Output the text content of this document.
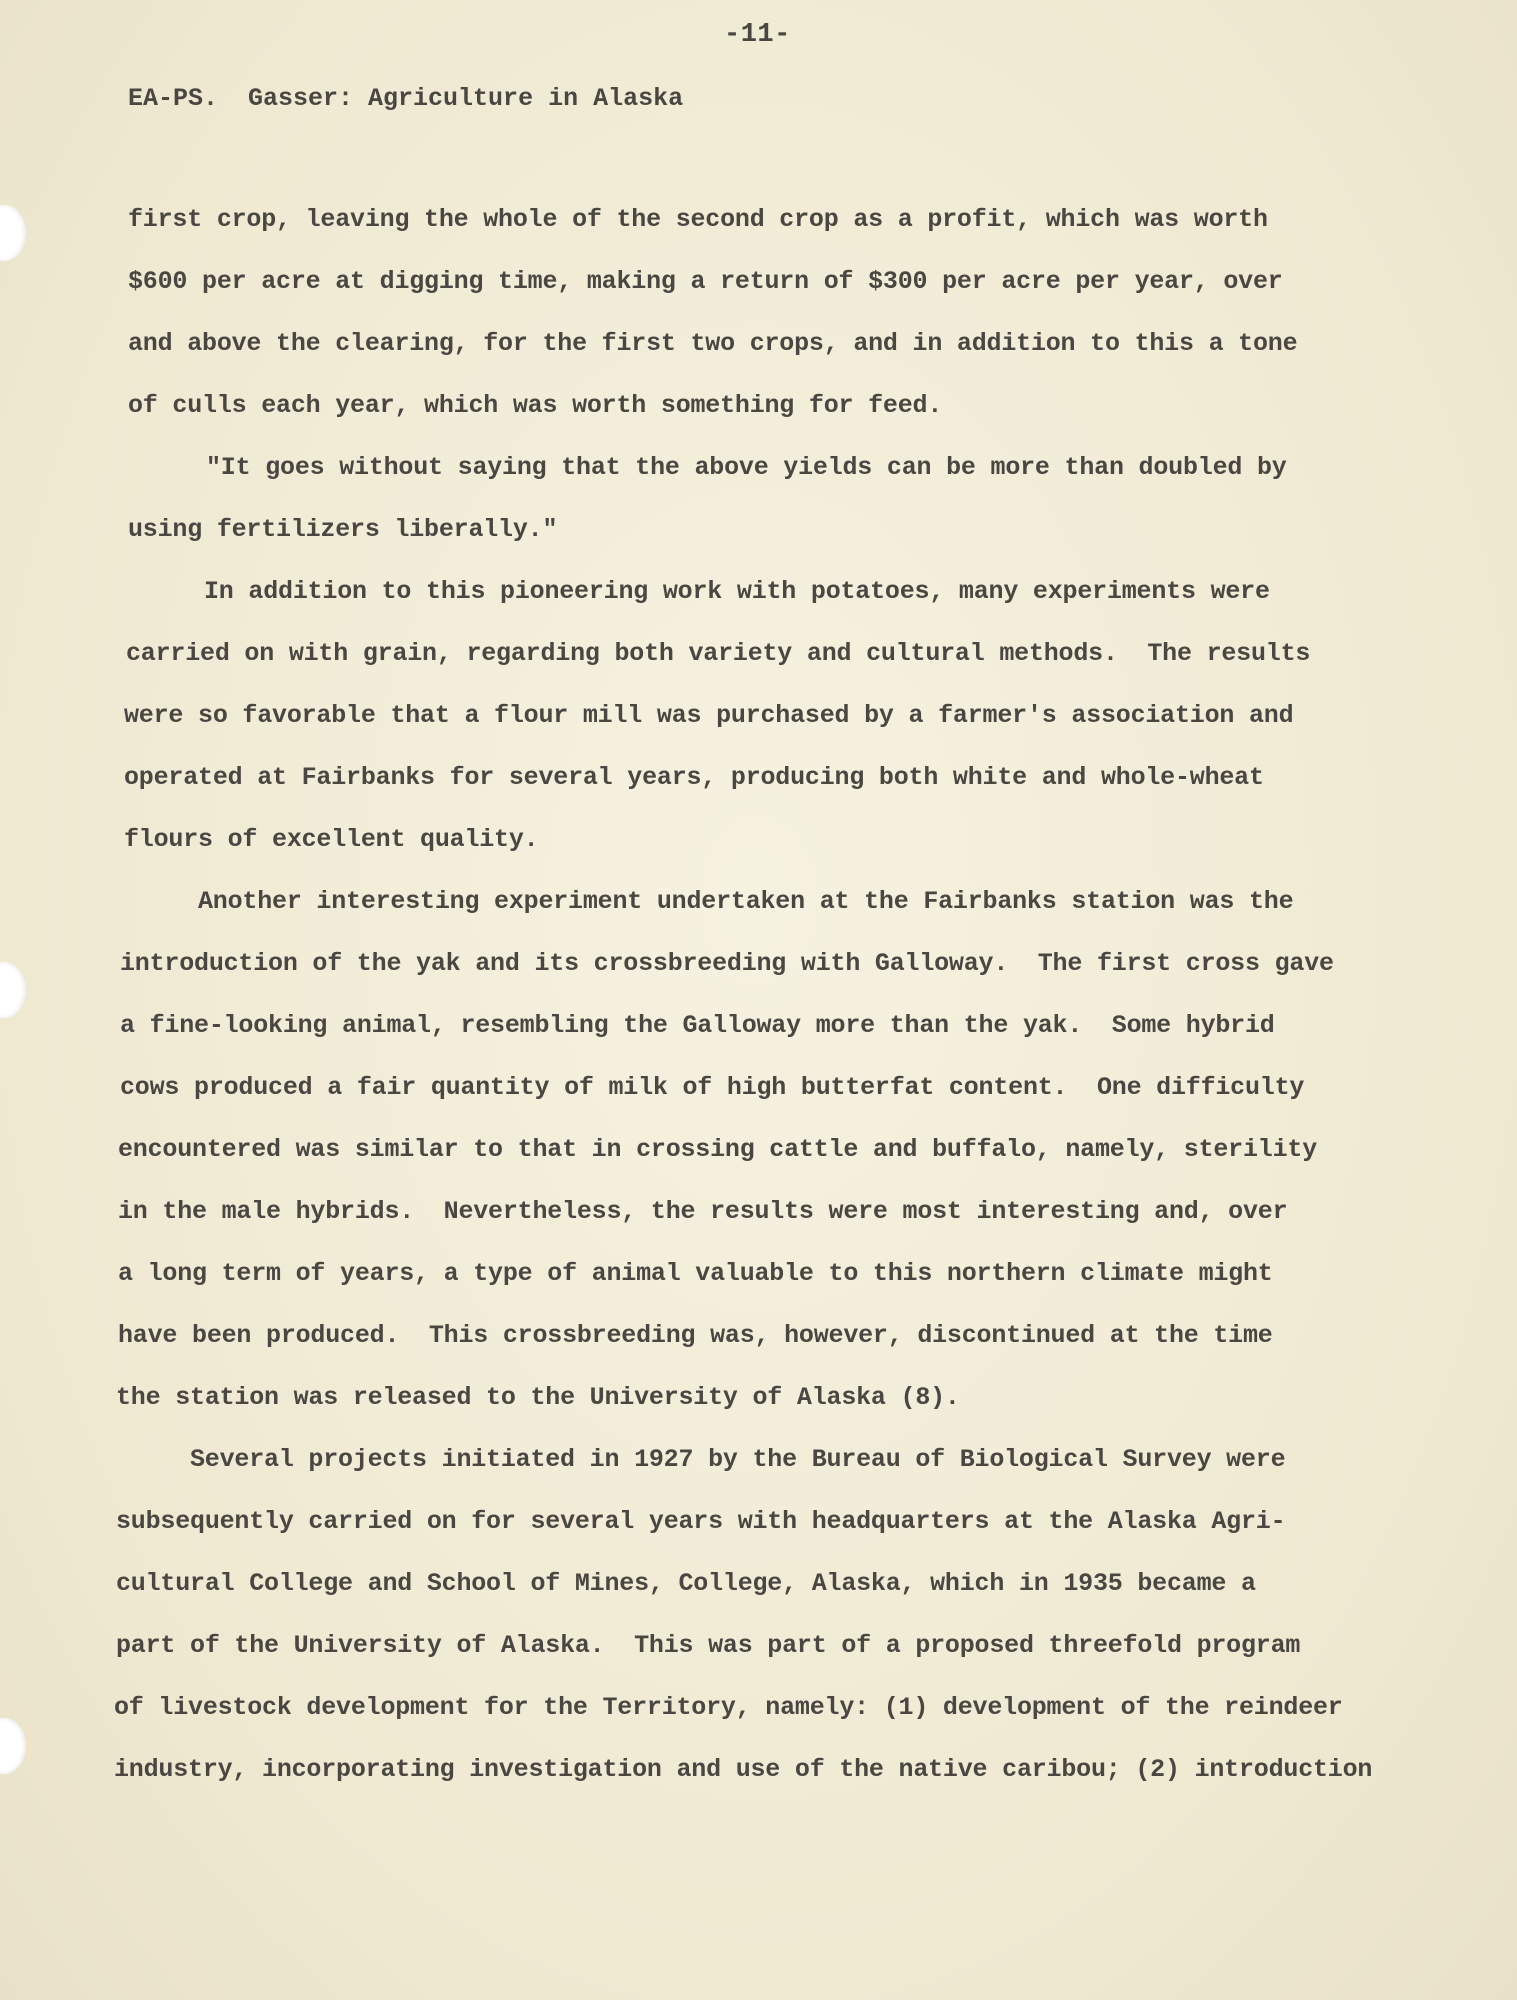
-11-
EA-PS.  Gasser: Agriculture in Alaska
first crop, leaving the whole of the second crop as a profit, which was worth
$600 per acre at digging time, making a return of $300 per acre per year, over
and above the clearing, for the first two crops, and in addition to this a tone
of culls each year, which was worth something for feed.
"It goes without saying that the above yields can be more than doubled by
using fertilizers liberally."
In addition to this pioneering work with potatoes, many experiments were
carried on with grain, regarding both variety and cultural methods.  The results
were so favorable that a flour mill was purchased by a farmer's association and
operated at Fairbanks for several years, producing both white and whole-wheat
flours of excellent quality.
Another interesting experiment undertaken at the Fairbanks station was the
introduction of the yak and its crossbreeding with Galloway.  The first cross gave
a fine-looking animal, resembling the Galloway more than the yak.  Some hybrid
cows produced a fair quantity of milk of high butterfat content.  One difficulty
encountered was similar to that in crossing cattle and buffalo, namely, sterility
in the male hybrids.  Nevertheless, the results were most interesting and, over
a long term of years, a type of animal valuable to this northern climate might
have been produced.  This crossbreeding was, however, discontinued at the time
the station was released to the University of Alaska (8).
Several projects initiated in 1927 by the Bureau of Biological Survey were
subsequently carried on for several years with headquarters at the Alaska Agri-
cultural College and School of Mines, College, Alaska, which in 1935 became a
part of the University of Alaska.  This was part of a proposed threefold program
of livestock development for the Territory, namely: (1) development of the reindeer
industry, incorporating investigation and use of the native caribou; (2) introduction
